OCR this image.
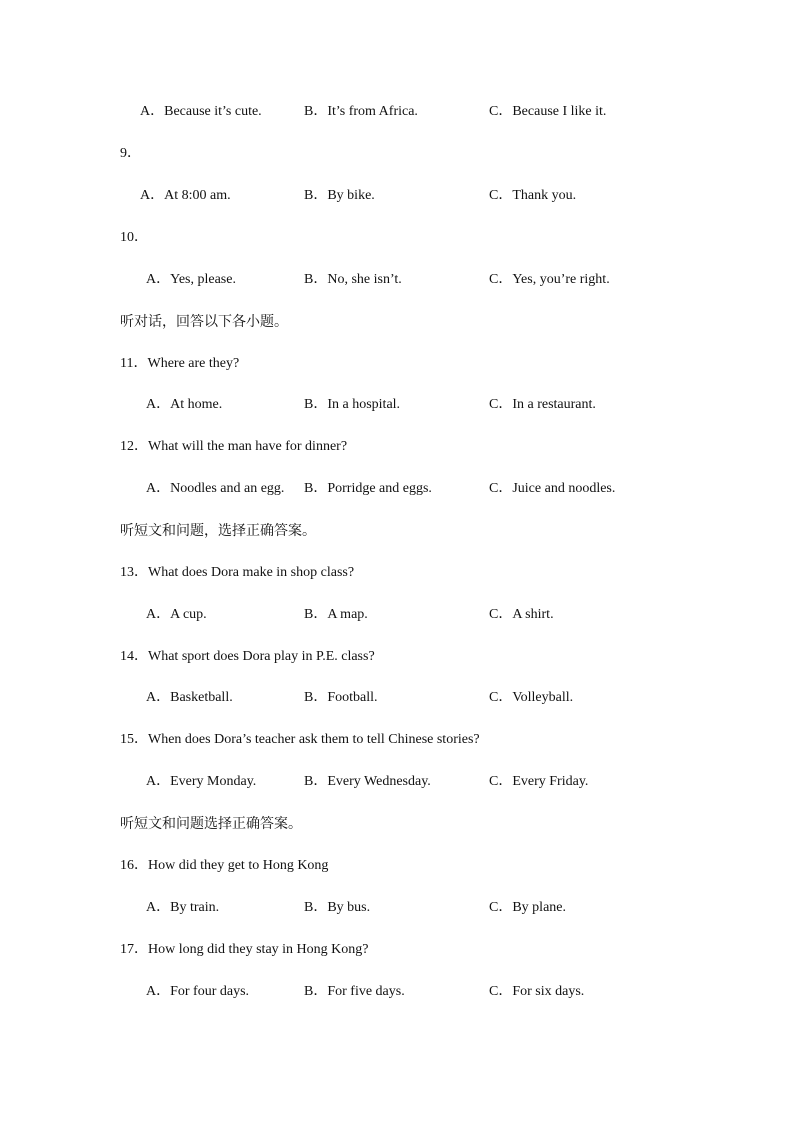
A．Because it’s cute.	B．It’s from Africa.	C．Because I like it.
9．
A．At 8:00 am.	B．By bike.	C．Thank you.
10．
A．Yes, please.	B．No, she isn’t.	C．Yes, you’re right.
听对话，回答以下各小题。
11．Where are they?
A．At home.	B．In a hospital.	C．In a restaurant.
12．What will the man have for dinner?
A．Noodles and an egg. B．Porridge and eggs.	C．Juice and noodles.
听短文和问题，选择正确答案。
13．What does Dora make in shop class?
A．A cup.	B．A map.	C．A shirt.
14．What sport does Dora play in P.E. class?
A．Basketball.	B．Football.	C．Volleyball.
15．When does Dora’s teacher ask them to tell Chinese stories?
A．Every Monday.	B．Every Wednesday.	C．Every Friday.
听短文和问题选择正确答案。
16．How did they get to Hong Kong
A．By train.	B．By bus.	C．By plane.
17．How long did they stay in Hong Kong?
A．For four days.	B．For five days.	C．For six days.
